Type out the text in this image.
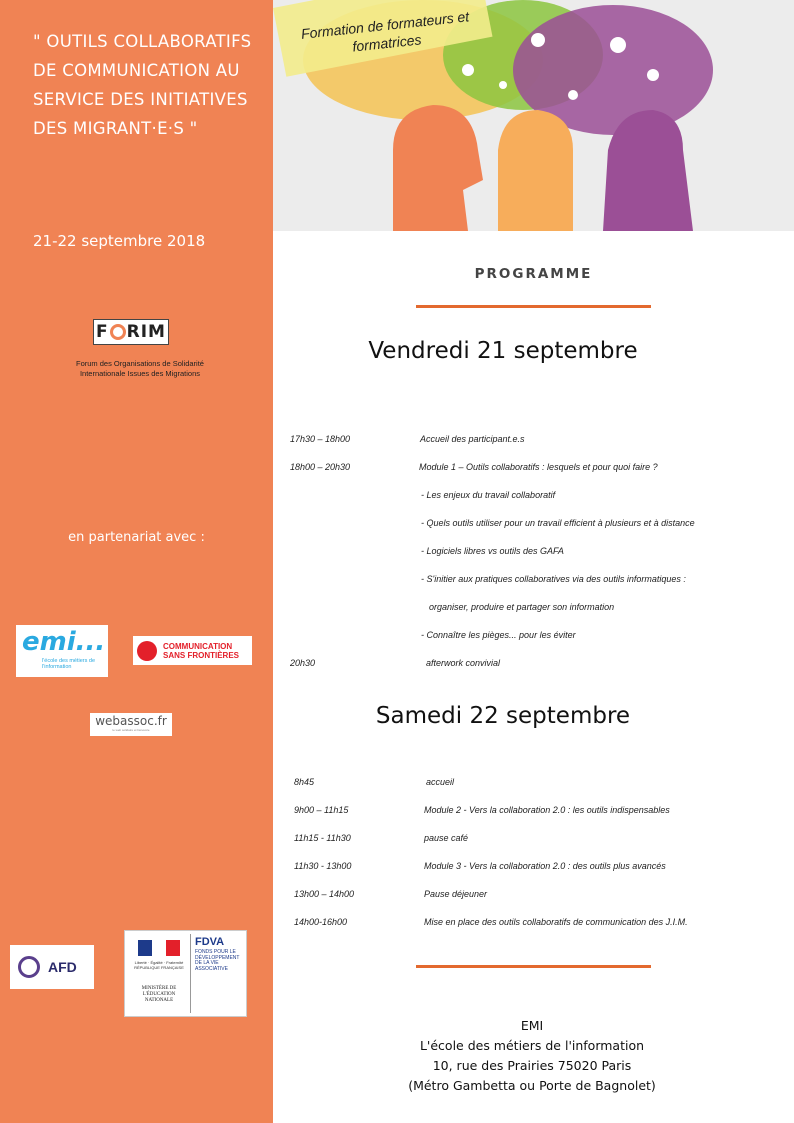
" OUTILS COLLABORATIFS DE COMMUNICATION AU SERVICE DES INITIATIVES DES MIGRANT·E·S "
21-22 septembre 2018
F RIM
Forum des Organisations de Solidarité Internationale Issues des Migrations
en partenariat avec :
emi...
l'école des métiers de l'information
COMMUNICATION SANS FRONTIÈRES
webassoc.fr
le web solidaire et bénévole
AFD	Liberté · Égalité · Fraternité RÉPUBLIQUE FRANÇAISE
MINISTÈRE DE L'ÉDUCATION NATIONALE
FDVA
FONDS POUR LE DÉVELOPPEMENT DE LA VIE ASSOCIATIVE
Formation de formateurs et formatrices
PROGRAMME
Vendredi 21 septembre
17h30 – 18h00	Accueil des participant.e.s
18h00 – 20h30	Module 1 – Outils collaboratifs : lesquels et pour quoi faire ?
- Les enjeux du travail collaboratif
- Quels outils utiliser pour un travail efficient à plusieurs et à distance
- Logiciels libres vs outils des GAFA
- S'initier aux pratiques collaboratives via des outils informatiques :
organiser, produire et partager son information
- Connaître les pièges... pour les éviter
20h30	afterwork convivial
Samedi 22 septembre
8h45	accueil
9h00 – 11h15	Module 2 - Vers la collaboration 2.0 : les outils indispensables
11h15 - 11h30	pause café
11h30 - 13h00	Module 3 - Vers la collaboration 2.0 : des outils plus avancés
13h00 – 14h00	Pause déjeuner
14h00-16h00	Mise en place des outils collaboratifs de communication des J.I.M.
EMI
L'école des métiers de l'information
10, rue des Prairies 75020 Paris
(Métro Gambetta ou Porte de Bagnolet)
